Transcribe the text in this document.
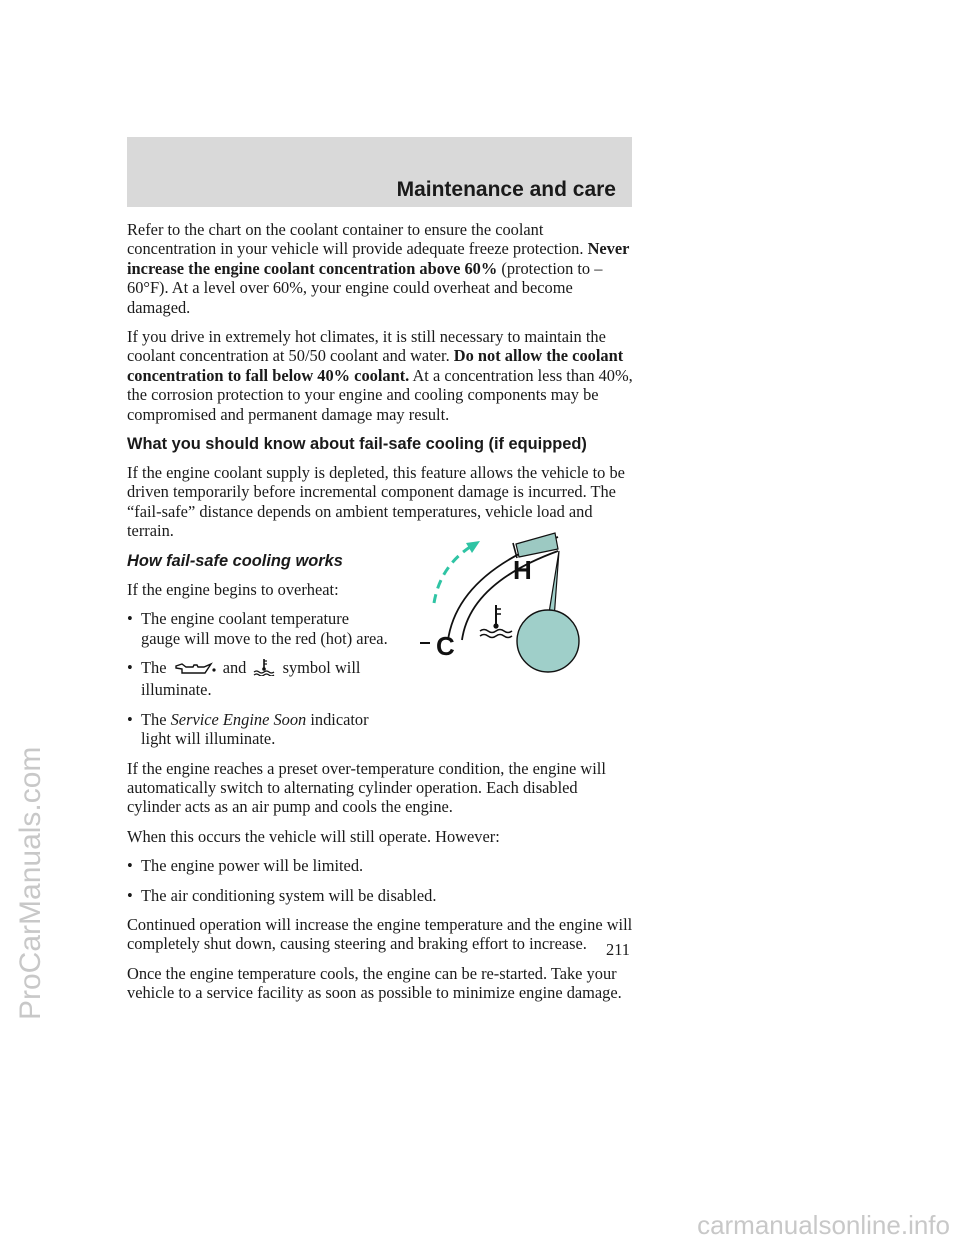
ProCarManuals.com
Maintenance and care

Refer to the chart on the coolant container to ensure the coolant concentration in your vehicle will provide adequate freeze protection. Never increase the engine coolant concentration above 60% (protection to –60°F). At a level over 60%, your engine could overheat and become damaged.

If you drive in extremely hot climates, it is still necessary to maintain the coolant concentration at 50/50 coolant and water. Do not allow the coolant concentration to fall below 40% coolant. At a concentration less than 40%, the corrosion protection to your engine and cooling components may be compromised and permanent damage may result.

What you should know about fail-safe cooling (if equipped)

If the engine coolant supply is depleted, this feature allows the vehicle to be driven temporarily before incremental component damage is incurred. The “fail-safe” distance depends on ambient temperatures, vehicle load and terrain.

How fail-safe cooling works

If the engine begins to overheat:

• The engine coolant temperature gauge will move to the red (hot) area.
• The	and symbol will illuminate.
• The Service Engine Soon indicator light will illuminate.

If the engine reaches a preset over-temperature condition, the engine will automatically switch to alternating cylinder operation. Each disabled cylinder acts as an air pump and cools the engine.

When this occurs the vehicle will still operate. However:

• The engine power will be limited.
• The air conditioning system will be disabled.

Continued operation will increase the engine temperature and the engine will completely shut down, causing steering and braking effort to increase.

Once the engine temperature cools, the engine can be re-started. Take your vehicle to a service facility as soon as possible to minimize engine damage.

H
C
211
carmanualsonline.info
